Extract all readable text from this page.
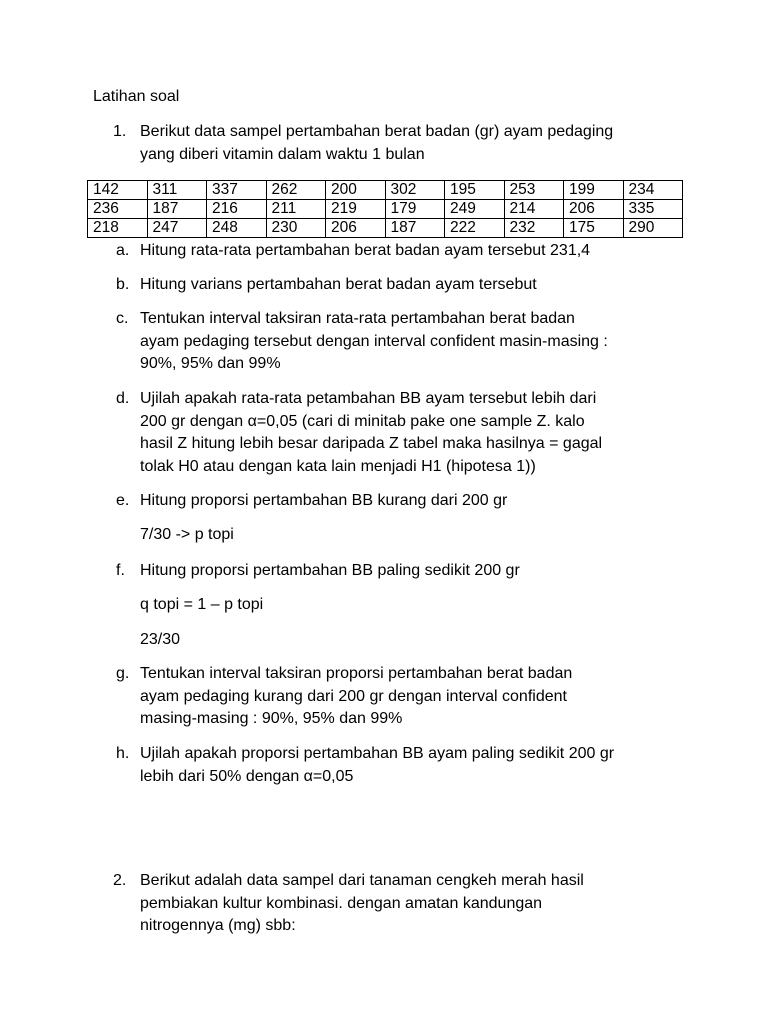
Latihan soal
1. Berikut data sampel pertambahan berat badan (gr) ayam pedaging
yang diberi vitamin dalam waktu 1 bulan
142	311	337	262	200	302	195	253	199	234
236	187	216	211	219	179	249	214	206	335
218	247	248	230	206	187	222	232	175	290
a. Hitung rata-rata pertambahan berat badan ayam tersebut 231,4
b. Hitung varians pertambahan berat badan ayam tersebut
c. Tentukan interval taksiran rata-rata pertambahan berat badan
ayam pedaging tersebut dengan interval confident masin-masing :
90%, 95% dan 99%
d. Ujilah apakah rata-rata petambahan BB ayam tersebut lebih dari
200 gr dengan α=0,05 (cari di minitab pake one sample Z. kalo
hasil Z hitung lebih besar daripada Z tabel maka hasilnya = gagal
tolak H0 atau dengan kata lain menjadi H1 (hipotesa 1))
e. Hitung proporsi pertambahan BB kurang dari 200 gr
7/30 -> p topi
f. Hitung proporsi pertambahan BB paling sedikit 200 gr
q topi = 1 – p topi
23/30
g. Tentukan interval taksiran proporsi pertambahan berat badan
ayam pedaging kurang dari 200 gr dengan interval confident
masing-masing : 90%, 95% dan 99%
h. Ujilah apakah proporsi pertambahan BB ayam paling sedikit 200 gr
lebih dari 50% dengan α=0,05
2. Berikut adalah data sampel dari tanaman cengkeh merah hasil
pembiakan kultur kombinasi. dengan amatan kandungan
nitrogennya (mg) sbb:
